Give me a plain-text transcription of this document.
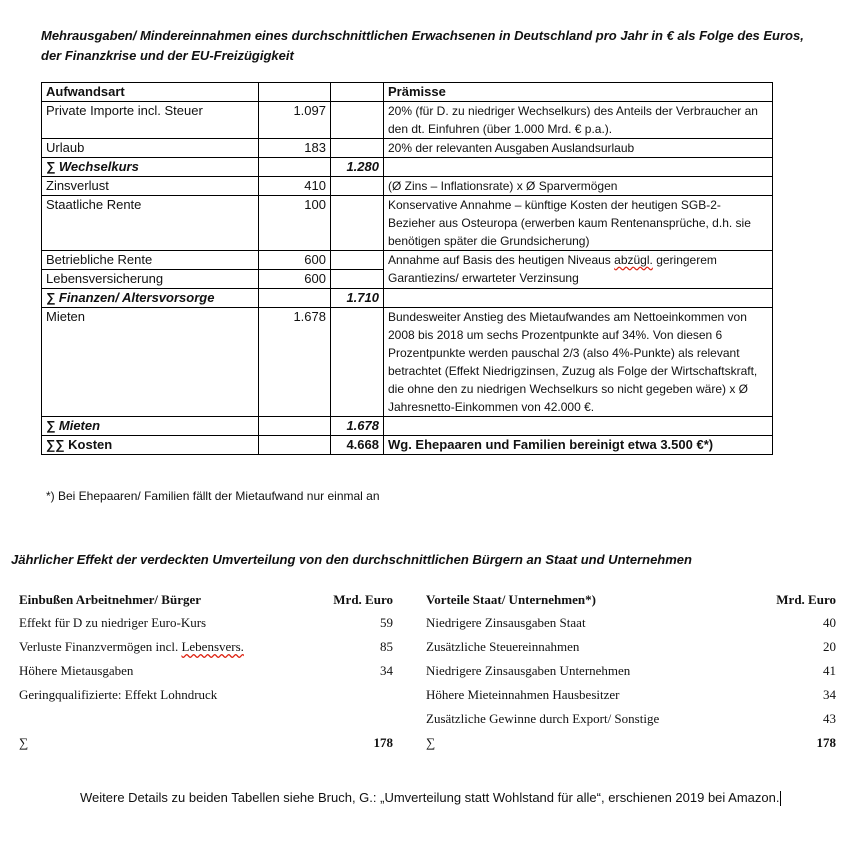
Mehrausgaben/ Mindereinnahmen eines durchschnittlichen Erwachsenen in Deutschland pro Jahr in € als Folge des Euros, der Finanzkrise und der EU-Freizügigkeit
Aufwandsart			Prämisse
Private Importe incl. Steuer	1.097		20% (für D. zu niedriger Wechselkurs) des Anteils der Verbraucher an den dt. Einfuhren (über 1.000 Mrd. € p.a.).
Urlaub	183		20% der relevanten Ausgaben Auslandsurlaub
∑ Wechselkurs		1.280	
Zinsverlust	410		(Ø Zins – Inflationsrate) x Ø Sparvermögen
Staatliche Rente	100		Konservative Annahme – künftige Kosten der heutigen SGB-2-Bezieher aus Osteuropa (erwerben kaum Rentenansprüche, d.h. sie benötigen später die Grundsicherung)
Betriebliche Rente	600		Annahme auf Basis des heutigen Niveaus abzügl. geringerem Garantiezins/ erwarteter Verzinsung
Lebensversicherung	600		
∑ Finanzen/ Altersvorsorge		1.710	
Mieten	1.678		Bundesweiter Anstieg des Mietaufwandes am Nettoeinkommen von 2008 bis 2018 um sechs Prozentpunkte auf 34%. Von diesen 6 Prozentpunkte werden pauschal 2/3 (also 4%-Punkte) als relevant betrachtet (Effekt Niedrigzinsen, Zuzug als Folge der Wirtschaftskraft, die ohne den zu niedrigen Wechselkurs so nicht gegeben wäre) x Ø Jahresnetto-Einkommen von 42.000 €.
∑ Mieten		1.678	
∑∑ Kosten		4.668	Wg. Ehepaaren und Familien bereinigt etwa 3.500 €*)
*) Bei Ehepaaren/ Familien fällt der Mietaufwand nur einmal an
Jährlicher Effekt der verdeckten Umverteilung von den durchschnittlichen Bürgern an Staat und Unternehmen
Einbußen Arbeitnehmer/ Bürger	Mrd. Euro
Effekt für D zu niedriger Euro-Kurs	59
Verluste Finanzvermögen incl. Lebensvers.	85
Höhere Mietausgaben	34
Geringqualifizierte: Effekt Lohndruck
∑	178
Vorteile Staat/ Unternehmen*)	Mrd. Euro
Niedrigere Zinsausgaben Staat	40
Zusätzliche Steuereinnahmen	20
Niedrigere Zinsausgaben Unternehmen	41
Höhere Mieteinnahmen Hausbesitzer	34
Zusätzliche Gewinne durch Export/ Sonstige	43
∑	178
Weitere Details zu beiden Tabellen siehe Bruch, G.: „Umverteilung statt Wohlstand für alle“, erschienen 2019 bei Amazon.
